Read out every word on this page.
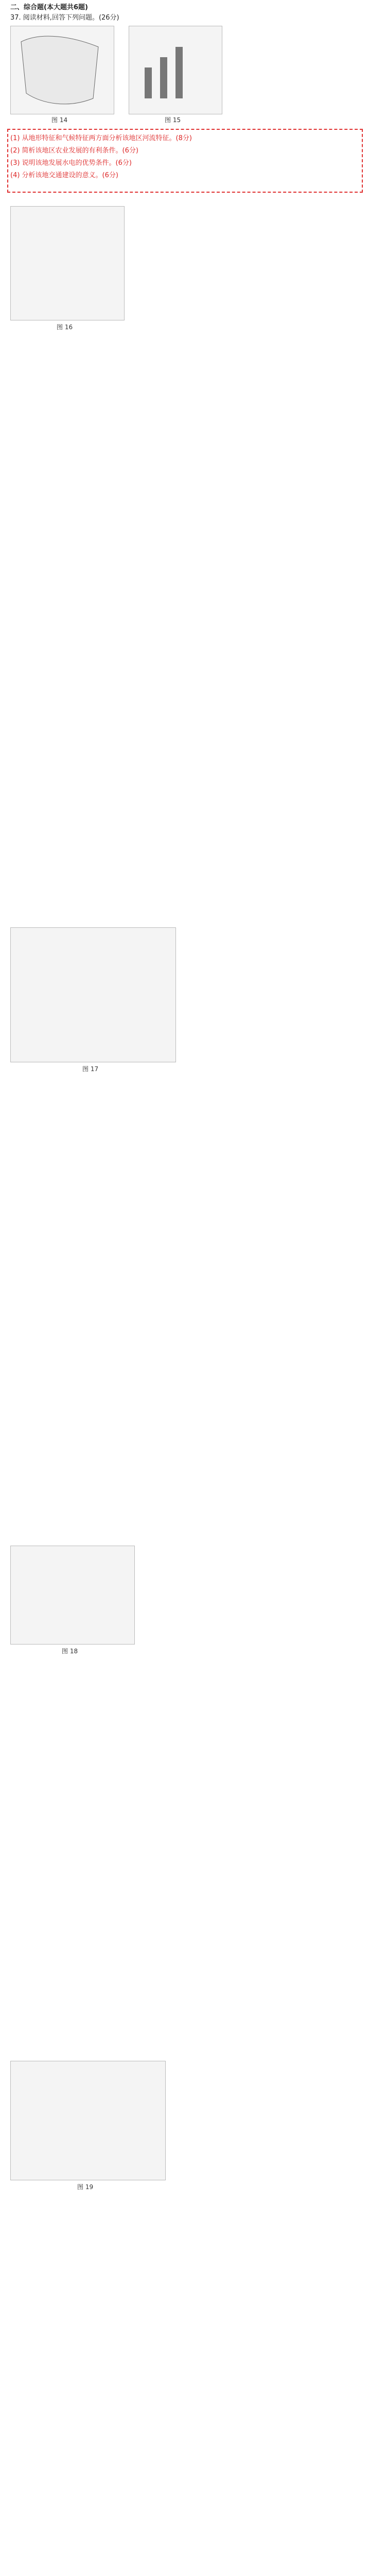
二、综合题(本大题共6题)
37. 阅读材料,回答下列问题。(26分)
图 14	图 15
(1) 从地形特征和气候特征两方面分析该地区河流特征。(8分)
(2) 简析该地区农业发展的有利条件。(6分)
(3) 说明该地发展水电的优势条件。(6分)
(4) 分析该地交通建设的意义。(6分)
图 16
图 17
图 18
图 19
